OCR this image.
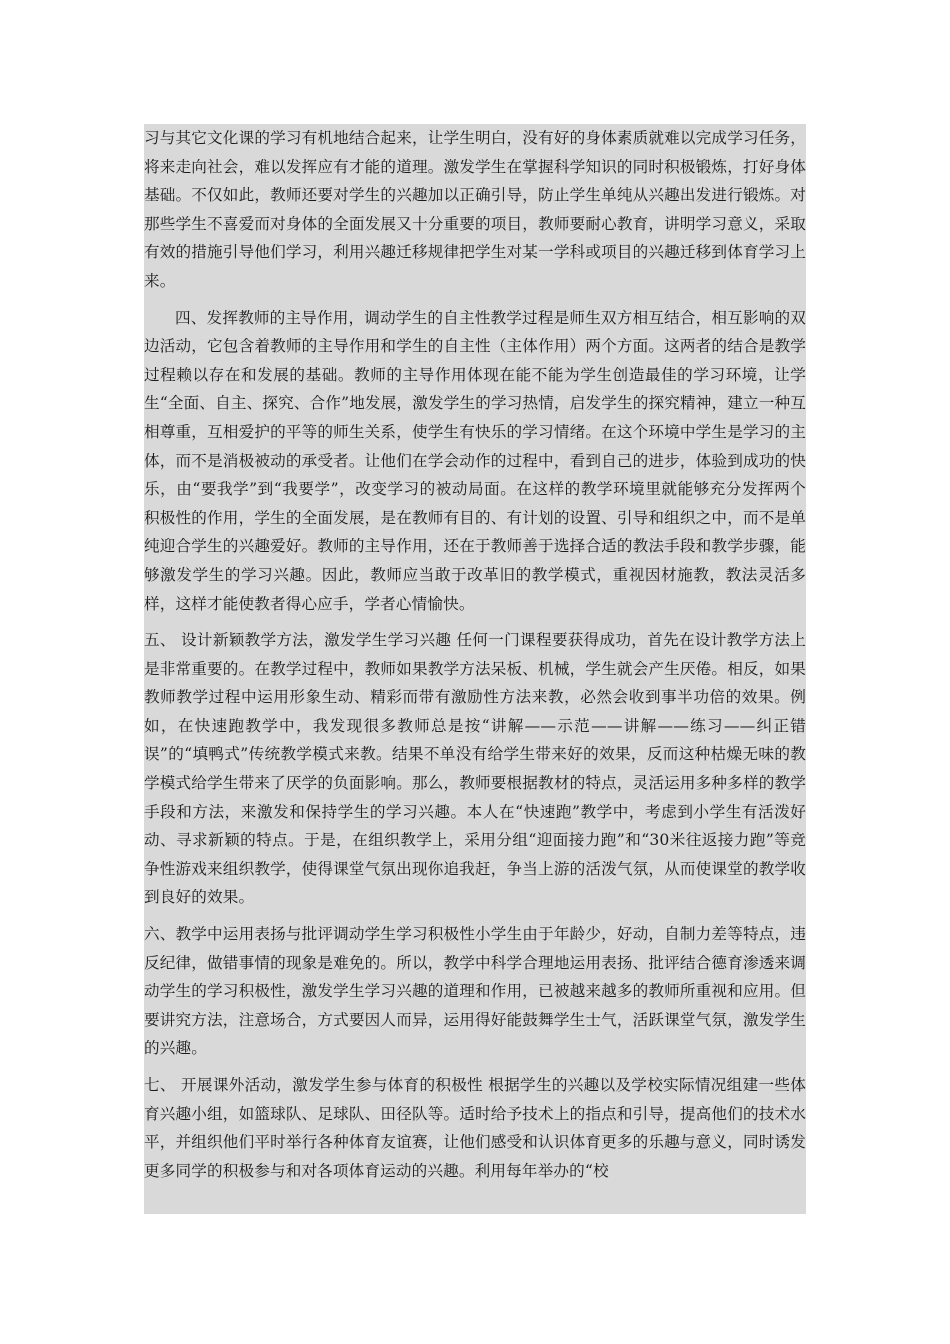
习与其它文化课的学习有机地结合起来，让学生明白，没有好的身体素质就难以完成学习任务，将来走向社会，难以发挥应有才能的道理。激发学生在掌握科学知识的同时积极锻炼，打好身体基础。不仅如此，教师还要对学生的兴趣加以正确引导，防止学生单纯从兴趣出发进行锻炼。对那些学生不喜爱而对身体的全面发展又十分重要的项目，教师要耐心教育，讲明学习意义，采取有效的措施引导他们学习，利用兴趣迁移规律把学生对某一学科或项目的兴趣迁移到体育学习上来。

四、发挥教师的主导作用，调动学生的自主性教学过程是师生双方相互结合，相互影响的双边活动，它包含着教师的主导作用和学生的自主性（主体作用）两个方面。这两者的结合是教学过程赖以存在和发展的基础。教师的主导作用体现在能不能为学生创造最佳的学习环境，让学生“全面、自主、探究、合作”地发展，激发学生的学习热情，启发学生的探究精神，建立一种互相尊重，互相爱护的平等的师生关系，使学生有快乐的学习情绪。在这个环境中学生是学习的主体，而不是消极被动的承受者。让他们在学会动作的过程中，看到自己的进步，体验到成功的快乐，由“要我学”到“我要学”，改变学习的被动局面。在这样的教学环境里就能够充分发挥两个积极性的作用，学生的全面发展，是在教师有目的、有计划的设置、引导和组织之中，而不是单纯迎合学生的兴趣爱好。教师的主导作用，还在于教师善于选择合适的教法手段和教学步骤，能够激发学生的学习兴趣。因此，教师应当敢于改革旧的教学模式，重视因材施教，教法灵活多样，这样才能使教者得心应手，学者心情愉快。

五、 设计新颖教学方法，激发学生学习兴趣 任何一门课程要获得成功，首先在设计教学方法上是非常重要的。在教学过程中，教师如果教学方法呆板、机械，学生就会产生厌倦。相反，如果教师教学过程中运用形象生动、精彩而带有激励性方法来教，必然会收到事半功倍的效果。例如，在快速跑教学中，我发现很多教师总是按“讲解——示范——讲解——练习——纠正错误”的“填鸭式”传统教学模式来教。结果不单没有给学生带来好的效果，反而这种枯燥无味的教学模式给学生带来了厌学的负面影响。那么，教师要根据教材的特点，灵活运用多种多样的教学手段和方法，来激发和保持学生的学习兴趣。本人在“快速跑”教学中，考虑到小学生有活泼好动、寻求新颖的特点。于是，在组织教学上，采用分组“迎面接力跑”和“30米往返接力跑”等竞争性游戏来组织教学，使得课堂气氛出现你追我赶，争当上游的活泼气氛，从而使课堂的教学收到良好的效果。

六、教学中运用表扬与批评调动学生学习积极性小学生由于年龄少，好动，自制力差等特点，违反纪律，做错事情的现象是难免的。所以，教学中科学合理地运用表扬、批评结合德育渗透来调动学生的学习积极性，激发学生学习兴趣的道理和作用，已被越来越多的教师所重视和应用。但要讲究方法，注意场合，方式要因人而异，运用得好能鼓舞学生士气，活跃课堂气氛，激发学生的兴趣。

七、 开展课外活动，激发学生参与体育的积极性 根据学生的兴趣以及学校实际情况组建一些体育兴趣小组，如篮球队、足球队、田径队等。适时给予技术上的指点和引导，提高他们的技术水平，并组织他们平时举行各种体育友谊赛，让他们感受和认识体育更多的乐趣与意义，同时诱发更多同学的积极参与和对各项体育运动的兴趣。利用每年举办的“校
